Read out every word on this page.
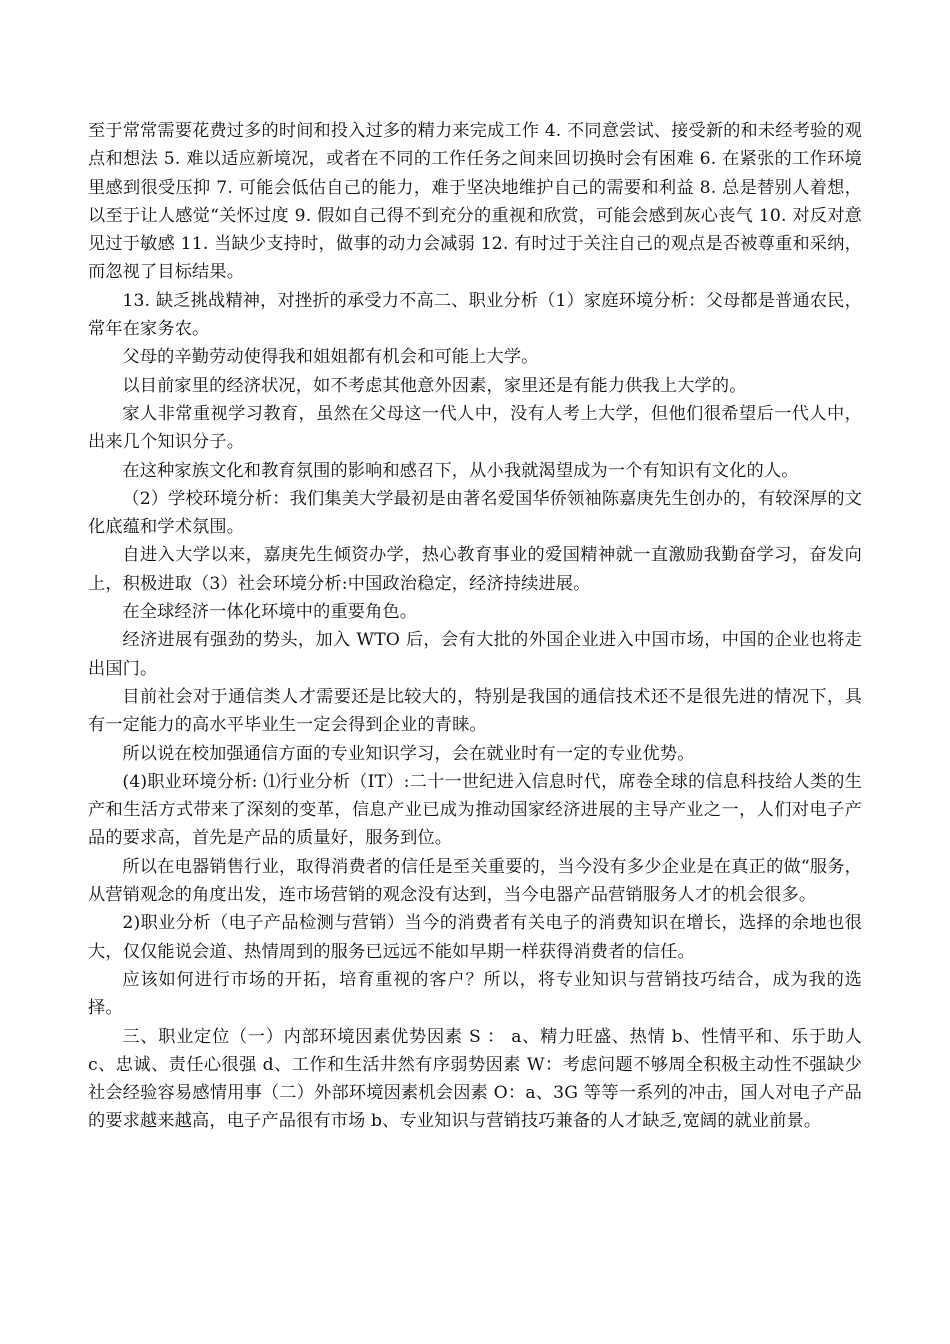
至于常常需要花费过多的时间和投入过多的精力来完成工作 4. 不同意尝试、接受新的和未经考验的观点和想法 5. 难以适应新境况，或者在不同的工作任务之间来回切换时会有困难 6. 在紧张的工作环境里感到很受压抑 7. 可能会低估自己的能力，难于坚决地维护自己的需要和利益 8. 总是替别人着想，以至于让人感觉“关怀过度 9. 假如自己得不到充分的重视和欣赏，可能会感到灰心丧气 10. 对反对意见过于敏感 11. 当缺少支持时，做事的动力会减弱 12. 有时过于关注自己的观点是否被尊重和采纳，而忽视了目标结果。

13. 缺乏挑战精神，对挫折的承受力不高二、职业分析（1）家庭环境分析：父母都是普通农民，常年在家务农。

父母的辛勤劳动使得我和姐姐都有机会和可能上大学。

以目前家里的经济状况，如不考虑其他意外因素，家里还是有能力供我上大学的。

家人非常重视学习教育，虽然在父母这一代人中，没有人考上大学，但他们很希望后一代人中，出来几个知识分子。

在这种家族文化和教育氛围的影响和感召下，从小我就渴望成为一个有知识有文化的人。

（2）学校环境分析：我们集美大学最初是由著名爱国华侨领袖陈嘉庚先生创办的，有较深厚的文化底蕴和学术氛围。

自进入大学以来，嘉庚先生倾资办学，热心教育事业的爱国精神就一直激励我勤奋学习，奋发向上，积极进取（3）社会环境分析:中国政治稳定，经济持续进展。

在全球经济一体化环境中的重要角色。

经济进展有强劲的势头，加入 WTO 后，会有大批的外国企业进入中国市场，中国的企业也将走出国门。

目前社会对于通信类人才需要还是比较大的，特别是我国的通信技术还不是很先进的情况下，具有一定能力的高水平毕业生一定会得到企业的青睐。

所以说在校加强通信方面的专业知识学习，会在就业时有一定的专业优势。

(4)职业环境分析: ⑴行业分析（IT）:二十一世纪进入信息时代，席卷全球的信息科技给人类的生产和生活方式带来了深刻的变革，信息产业已成为推动国家经济进展的主导产业之一，人们对电子产品的要求高，首先是产品的质量好，服务到位。

所以在电器销售行业，取得消费者的信任是至关重要的，当今没有多少企业是在真正的做“服务，从营销观念的角度出发，连市场营销的观念没有达到，当今电器产品营销服务人才的机会很多。

2)职业分析（电子产品检测与营销）当今的消费者有关电子的消费知识在增长，选择的余地也很大，仅仅能说会道、热情周到的服务已远远不能如早期一样获得消费者的信任。

应该如何进行市场的开拓，培育重视的客户？所以，将专业知识与营销技巧结合，成为我的选择。

三、职业定位（一）内部环境因素优势因素 S ： a、精力旺盛、热情 b、性情平和、乐于助人 c、忠诚、责任心很强 d、工作和生活井然有序弱势因素 W：考虑问题不够周全积极主动性不强缺少社会经验容易感情用事（二）外部环境因素机会因素 O：a、3G 等等一系列的冲击，国人对电子产品的要求越来越高，电子产品很有市场 b、专业知识与营销技巧兼备的人才缺乏,宽阔的就业前景。
